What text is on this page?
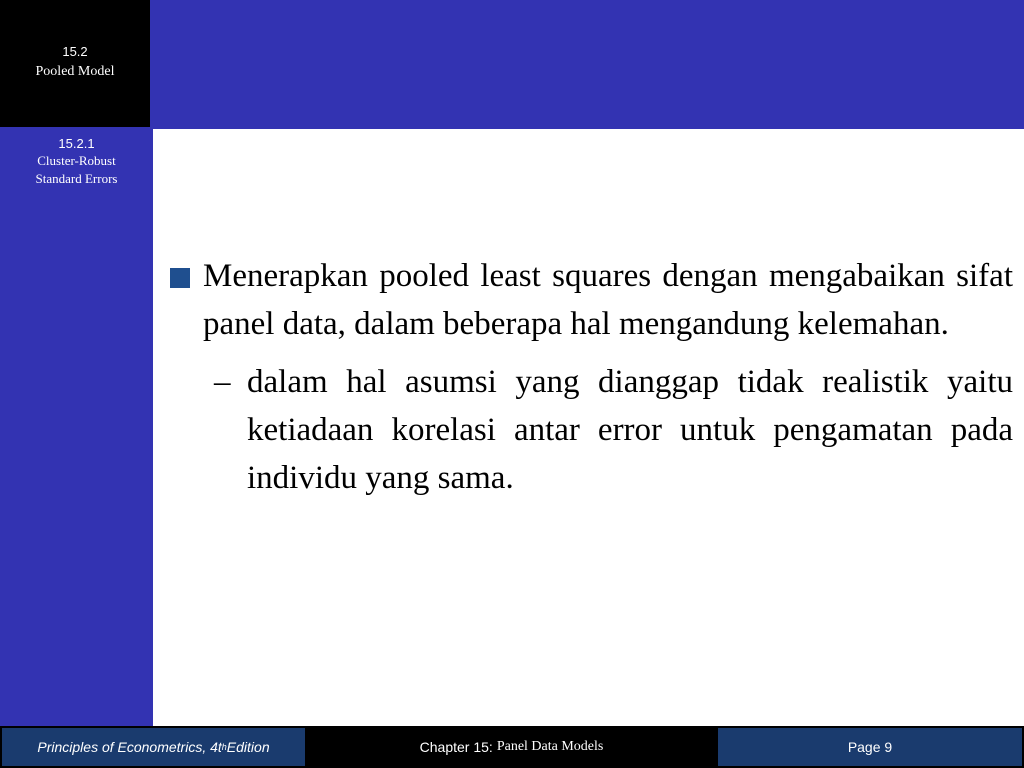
15.2
Pooled Model
15.2.1
Cluster-Robust
Standard Errors
Menerapkan pooled least squares dengan mengabaikan sifat panel data, dalam beberapa hal mengandung kelemahan.
– dalam hal asumsi yang dianggap tidak realistik yaitu ketiadaan korelasi antar error untuk pengamatan pada individu yang sama.
Principles of Econometrics, 4t h Edition	Chapter 15: Panel Data Models	Page 9
